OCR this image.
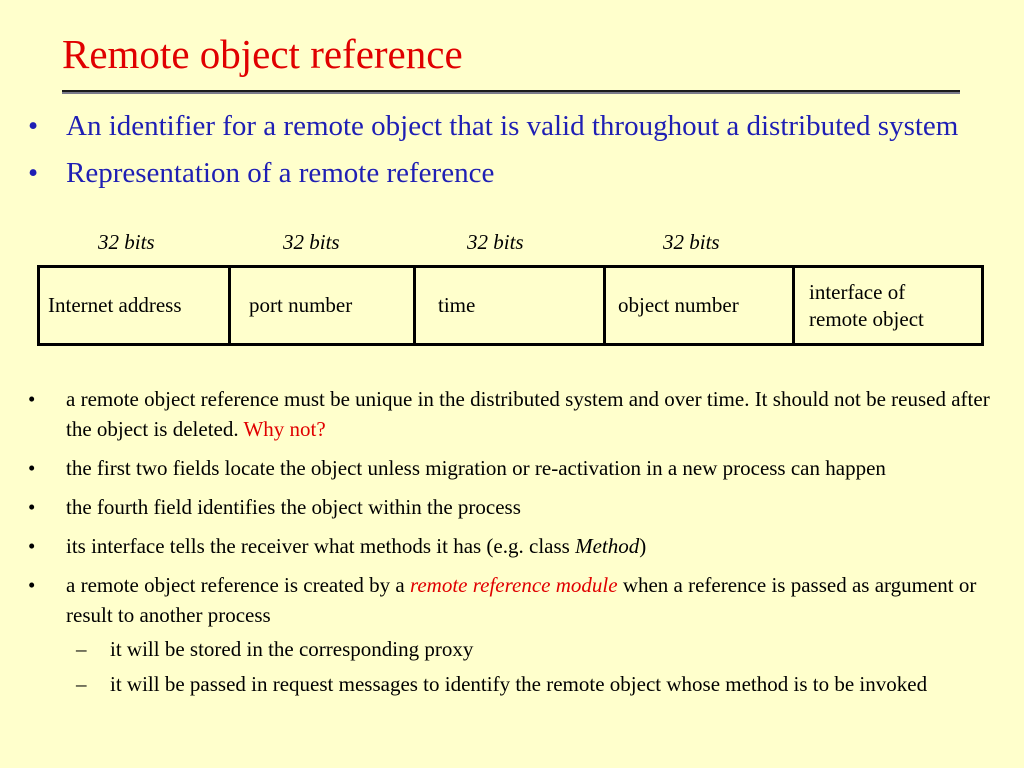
Remote object reference
• An identifier for a remote object that is valid throughout a distributed system
• Representation of a remote reference
32 bits	32 bits	32 bits	32 bits
Internet address	port number	time	object number	interface of remote object
• a remote object reference must be unique in the distributed system and over time. It should not be reused after the object is deleted. Why not?
• the first two fields locate the object unless migration or re-activation in a new process can happen
• the fourth field identifies the object within the process
• its interface tells the receiver what methods it has (e.g. class Method)
• a remote object reference is created by a remote reference module when a reference is passed as argument or result to another process
– it will be stored in the corresponding proxy
– it will be passed in request messages to identify the remote object whose method is to be invoked
